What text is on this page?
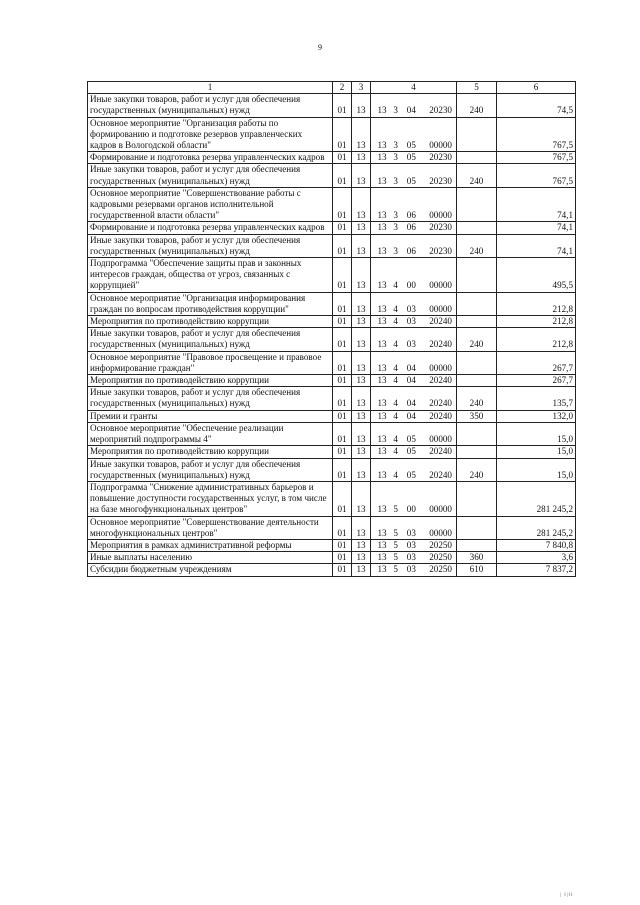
9
1	2	3	4	5	6
Иные закупки товаров, работ и услуг для обеспечения государственных (муниципальных) нужд	01	13	13 3 04 20230	240	74,5
Основное мероприятие "Организация работы по формированию и подготовке резервов управленческих кадров в Вологодской области"	01	13	13 3 05 00000		767,5
Формирование и подготовка резерва управленческих кадров	01	13	13 3 05 20230		767,5
Иные закупки товаров, работ и услуг для обеспечения государственных (муниципальных) нужд	01	13	13 3 05 20230	240	767,5
Основное мероприятие "Совершенствование работы с кадровыми резервами органов исполнительной государственной власти области"	01	13	13 3 06 00000		74,1
Формирование и подготовка резерва управленческих кадров	01	13	13 3 06 20230		74,1
Иные закупки товаров, работ и услуг для обеспечения государственных (муниципальных) нужд	01	13	13 3 06 20230	240	74,1
Подпрограмма "Обеспечение защиты прав и законных интересов граждан, общества от угроз, связанных с коррупцией"	01	13	13 4 00 00000		495,5
Основное мероприятие "Организация информирования граждан по вопросам противодействия коррупции"	01	13	13 4 03 00000		212,8
Мероприятия по противодействию коррупции	01	13	13 4 03 20240		212,8
Иные закупки товаров, работ и услуг для обеспечения государственных (муниципальных) нужд	01	13	13 4 03 20240	240	212,8
Основное мероприятие "Правовое просвещение и правовое информирование граждан"	01	13	13 4 04 00000		267,7
Мероприятия по противодействию коррупции	01	13	13 4 04 20240		267,7
Иные закупки товаров, работ и услуг для обеспечения государственных (муниципальных) нужд	01	13	13 4 04 20240	240	135,7
Премии и гранты	01	13	13 4 04 20240	350	132,0
Основное мероприятие "Обеспечение реализации мероприятий подпрограммы 4"	01	13	13 4 05 00000		15,0
Мероприятия по противодействию коррупции	01	13	13 4 05 20240		15,0
Иные закупки товаров, работ и услуг для обеспечения государственных (муниципальных) нужд	01	13	13 4 05 20240	240	15,0
Подпрограмма "Снижение административных барьеров и повышение доступности государственных услуг, в том числе на базе многофункциональных центров"	01	13	13 5 00 00000		281 245,2
Основное мероприятие "Совершенствование деятельности многофункциональных центров"	01	13	13 5 03 00000		281 245,2
Мероприятия в рамках административной реформы	01	13	13 5 03 20250		7 840,8
Иные выплаты населению	01	13	13 5 03 20250	360	3,6
Субсидии бюджетным учреждениям	01	13	13 5 03 20250	610	7 837,2
| ‖|‖‖
